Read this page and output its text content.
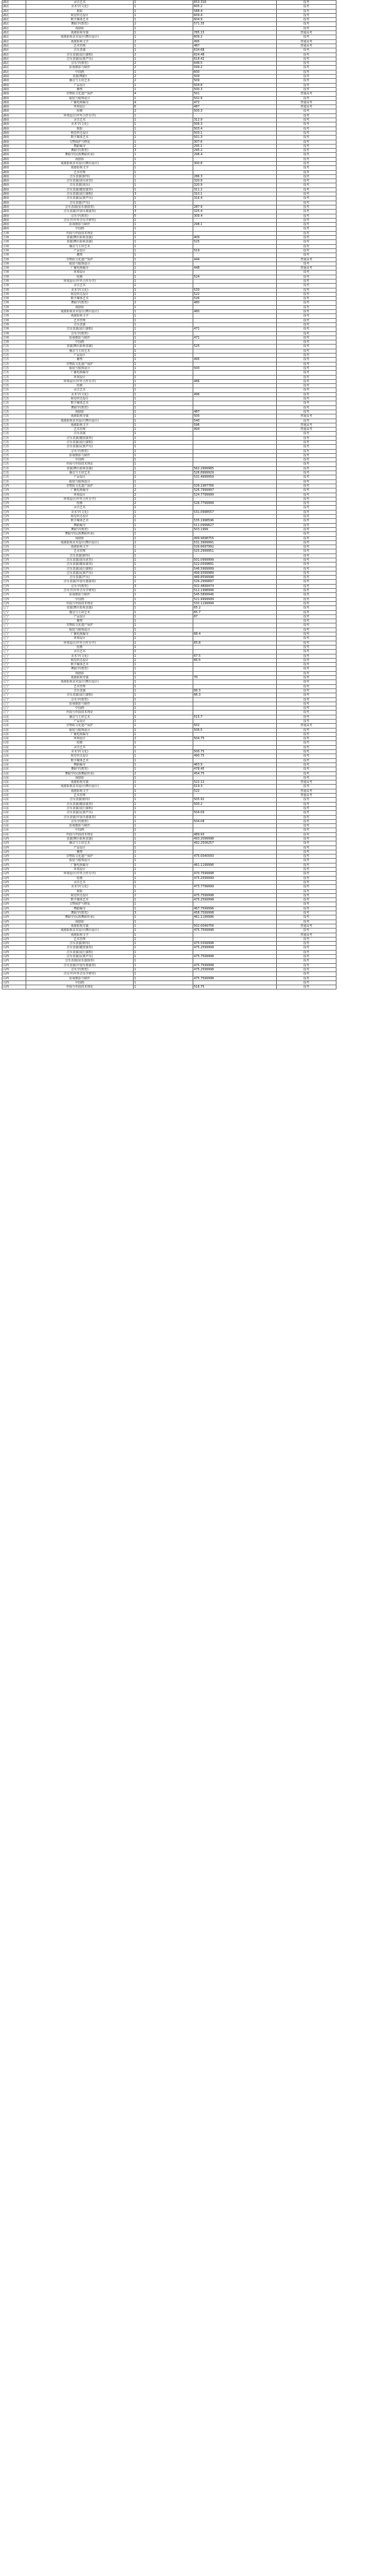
湖北	录音艺术	1	653.316	投考
湖北	美术学(文化)	1	605.2	投考
湖北	摄影	1	588.4	投考
湖北	视觉传达设计	1	609.4	投考
湖北	数字媒体艺术	1	604.9	投考
湖北	舞蹈学(教育)	2	571.35	投考
湖北	戏剧影	1		投考
湖北	戏剧影视导演	1	785.15	普通高考
湖北	戏剧影视美术设计(舞台设计)	1	609.2	投考
湖北	戏剧影视文学	2	495	普通高考
湖北	艺术管理	1	487	普通高考
湖北	音乐表演	1	634.68	投考
湖北	音乐表演(流行演唱)	2	624.48	投考
湖北	音乐表演(民族声乐)	1	618.42	投考
湖北	音乐学(教育)	2	649.5	投考
湖北	影视摄影与制作	2	599.2	投考
湖北	中国画	1	600	投考
湖南	表演(舞蹈)	2	509	投考
湖南	播音与主持艺术	2	509	投考
湖南	产品设计	1	504.8	投考
湖南	雕塑	1	500.3	投考
湖南	非物质文化遗产保护	4	501	普通高考
湖南	服装与服饰设计	1	502.9	投考
湖南	广播电视编导	4	472	普通高考
湖南	环境设计	6	487	普通高考
湖南	绘画	2	500.3	投考
湖南	环境设计(中外合作办学)	1		投考
湖南	录音艺术	1	312.9	投考
湖南	美术学(文化)	1	506.3	投考
湖南	摄影	1	503.4	投考
湖南	视觉传达设计	1	503.1	投考
湖南	数字媒体艺术	1	501.3	投考
湖南	文物保护与修复	1	307.6	投考
湖南	舞蹈编导	2	295.1	投考
湖南	舞蹈学(教育)	3	295.2	投考
湖南	舞蹈学(民族舞蹈传承)	1	298.4	投考
湖南	戏剧影	1		投考
湖南	戏剧影视美术设计(舞台设计)	1	300.8	投考
湖南	戏剧影视文学	1		投考
湖南	艺术管理	1		投考
湖南	音乐表演(钢琴)	1	286.3	投考
湖南	音乐表演(国乐优管)	1	320.9	投考
湖南	音乐表演(国乐)	1	320.9	投考
湖南	音乐表演(键盘演奏)	1	311.2	投考
湖南	音乐表演(流行演唱)	3	310.1	投考
湖南	音乐表演(民族声乐)	1	316.4	投考
湖南	音乐表演(声乐)	1		投考
湖南	音乐表演(弦乐器演奏)	3	287.9	投考
湖南	音乐表演(中国乐器演奏)	3	325.4	投考
湖南	音乐学(教育)	5	309.4	投考
湖南	音乐学(中外音乐学研究)	1		投考
湖南	影视摄影与制作	1	298.1	投考
湖南	中国画	1		投考
吉林	作曲与作曲技术理论	1		投考
吉林	表演(舞台影视表演)	1	409	投考
吉林	表演(舞台影视表演)	1	525	投考
吉林	播音与主持艺术	1		投考
吉林	产品设计	1	519	投考
吉林	雕塑	1		投考
吉林	非物质文化遗产保护	1	444	普通高考
吉林	服装与服饰设计	1		投考
吉林	广播电视编导	1	448	普通高考
吉林	环境设计	1		投考
吉林	绘画	1	524	投考
吉林	环境设计(中外合作办学)	1		投考
吉林	录音艺术	1		投考
吉林	美术学(文化)	1	533	投考
吉林	视觉传达设计	1	522	投考
吉林	数字媒体艺术	1	526	投考
吉林	舞蹈学(教育)	2	480	投考
吉林	戏剧影	1		投考
吉林	戏剧影视美术设计(舞台设计)	1	480	投考
吉林	戏剧影视文学	1		投考
吉林	艺术管理	1		投考
吉林	音乐表演	1		投考
吉林	音乐表演(流行演唱)	1	471	投考
吉林	音乐学(教育)	1		投考
吉林	影视摄影与制作	1	471	投考
吉林	中国画	1		投考
江苏	表演(舞台影视表演)	1	525	投考
江苏	播音与主持艺术	1		投考
江苏	产品设计	1		投考
江苏	雕塑	1	495	投考
江苏	非物质文化遗产保护	1		投考
江苏	服装与服饰设计	1	500	投考
江苏	广播电视编导	1		投考
江苏	环境设计	1		投考
江苏	环境设计(中外合作办学)	1	486	投考
江苏	绘画	1		投考
江苏	录音艺术	1		投考
江苏	美术学(文化)	1	496	投考
江苏	视觉传达设计	1		投考
江苏	数字媒体艺术	1		投考
江苏	舞蹈学(教育)	1		投考
江苏	戏剧影	1	487	投考
江苏	戏剧影视导演	1	500	普通高考
江苏	戏剧影视美术设计(舞台设计)	1	540	投考
江苏	戏剧影视文学	1	596	普通高考
江苏	艺术管理	1	494	普通高考
江苏	音乐表演	1		投考
江苏	音乐表演(键盘演奏)	1		投考
江苏	音乐表演(流行演唱)	1		投考
江苏	音乐表演(民族声乐)	1		投考
江苏	音乐学(教育)	1		投考
江苏	影视摄影与制作	1		投考
江苏	中国画	1		投考
江苏	作曲与作曲技术理论	1		投考
江苏	表演(舞台影视表演)	1	562.2999985	投考
江苏	播音与主持艺术	1	526.8999929	投考
江苏	产品设计	1	531.4999959	投考
江苏	服装与服饰设计	1		投考
江西	非物质文化遗产保护	1	526.1997766	投考
江西	广播电视编导	2	526.7999997	投考
江西	环境设计	2	524.7799999	投考
江西	环境设计(中外合作办学)	1		投考
江西	绘画	2	526.7799999	投考
江西	录音艺术	1		投考
江西	美术学(文化)	1	531.0998557	投考
江西	视觉传达设计	1		投考
江西	数字媒体艺术	1	535.1998596	投考
江西	舞蹈编导	1	511.0999627	投考
江西	舞蹈学(教育)	1	503.1999	投考
江西	舞蹈学(民族舞蹈传承)	1		投考
江西	戏剧影	1	499.9698755	投考
江西	戏剧影视美术设计(舞台设计)	2	531.3999991	投考
江西	戏剧影视文学	1	526.6697992	投考
江西	艺术管理	1	525.2999951	投考
江西	音乐表演(钢琴)	1		投考
江西	音乐表演(国乐优管)	1	501.0999999	投考
江西	音乐表演(键盘演奏)	1	522.0599891	投考
江西	音乐表演(流行演唱)	1	546.5999999	投考
江西	音乐表演(民族声乐)	1	499.9399989	投考
江西	音乐表演(声乐)	1	489.8599998	投考
江西	音乐表演(中国乐器演奏)	1	526.2999897	投考
江西	音乐学(教育)	3	502.4899474	投考
江西	音乐学(中外音乐学研究)	1	512.1998996	投考
江西	影视摄影与制作	1	545.5899946	投考
江西	中国画	1	521.9999999	投考
江西	作曲与作曲技术理论	1	532.1199999	投考
辽宁	表演(舞台影视表演)	1	65.2	投考
辽宁	播音与主持艺术	1	65.7	投考
辽宁	产品设计	1	67	投考
辽宁	雕塑	1		投考
辽宁	非物质文化遗产保护	1		投考
辽宁	服装与服饰设计	1		投考
辽宁	广播电视编导	1	68.4	投考
辽宁	环境设计	1		投考
辽宁	环境设计(中外合作办学)	1	65.8	投考
辽宁	绘画	1		投考
辽宁	录音艺术	1		投考
辽宁	美术学(文化)	1	67.5	投考
辽宁	视觉传达设计	1	66.5	投考
辽宁	数字媒体艺术	1		投考
辽宁	舞蹈学(教育)	1		投考
辽宁	戏剧影	1		投考
辽宁	戏剧影视导演	1	70	投考
辽宁	戏剧影视美术设计(舞台设计)	1		投考
辽宁	艺术管理	1		投考
辽宁	音乐表演	1	66.3	投考
辽宁	音乐表演(流行演唱)	1	66.3	投考
辽宁	音乐学(教育)	1		投考
辽宁	影视摄影与制作	1		投考
辽宁	中国画	1		投考
辽宁	作曲与作曲技术理论	1		投考
山东	播音与主持艺术	1	515.7	投考
山东	产品设计	1		投考
山东	非物质文化遗产保护	1	502	普通高考
山东	服装与服饰设计	1	506.5	投考
山东	广播电视编导	1		投考
山东	环境设计	2	504.75	投考
山东	绘画	1		投考
山东	录音艺术	1		投考
山东	美术学(文化)	1	500.75	投考
山东	视觉传达设计	1	490.75	投考
山东	数字媒体艺术	1		投考
山东	舞蹈编导	1	463.9	投考
山东	舞蹈学(教育)	1	478.45	投考
山东	舞蹈学(民族舞蹈传承)	2	454.75	投考
山东	戏剧影	1		投考
山东	戏剧影视导演	1	522.12	普通高考
山东	戏剧影视美术设计(舞台设计)	1	519.3	投考
山东	戏剧影视文学	1	522	普通高考
山东	艺术管理	1		普通高考
山东	音乐表演(钢琴)	1	505.92	投考
山东	音乐表演(键盘演奏)	1	500.2	投考
山东	音乐表演(流行演唱)	1		投考
山东	音乐表演(民族声乐)	1	504.09	投考
山东	音乐表演(中国乐器演奏)	1		投考
山东	音乐学(教育)	1	504.08	投考
山东	影视摄影与制作	1		投考
山东	中国画	1		投考
山东	作曲与作曲技术理论	1	489.93	投考
山西	表演(舞台影视表演)	1	493.2099998	投考
山西	播音与主持艺术	1	492.2506257	投考
山西	产品设计	1		投考
山西	雕塑	1		投考
山西	非物质文化遗产保护	1	475.0040093	投考
山西	服装与服饰设计	1		投考
山西	广播电视编导	1	461.1199996	投考
山西	环境设计	1		投考
山西	环境设计(中外合作办学)	1	470.7599998	投考
山西	绘画	1	475.2599999	投考
山西	录音艺术	1		投考
山西	美术学(文化)	1	473.7799999	投考
山西	摄影	1		投考
山西	视觉传达设计	2	475.7599998	投考
山西	数字媒体艺术	1	475.2599998	投考
山西	文物保护与修复	1		投考
山西	舞蹈编导	1	467.7599996	投考
山西	舞蹈学(教育)	3	458.7599998	投考
山西	舞蹈学(民族舞蹈传承)	1	461.1199996	投考
山西	戏剧影	1		投考
山西	戏剧影视导演	1	502.0049756	普通高考
山西	戏剧影视美术设计(舞台设计)	1	475.7599998	投考
山西	戏剧影视文学	1		普通高考
山西	艺术管理	1		投考
山西	音乐表演(钢琴)	1	475.5599998	投考
山西	音乐表演(键盘演奏)	1	475.2599999	投考
山西	音乐表演(流行演唱)	1		投考
山西	音乐表演(民族声乐)	1	475.7599998	投考
山西	音乐表演(弦乐器演奏)	1		投考
山西	音乐表演(中国乐器演奏)	1	475.7599998	投考
山西	音乐学(教育)	1	475.2599998	投考
山西	音乐学(中外音乐学研究)	1		投考
山西	影视摄影与制作	1	475.7599998	投考
山西	中国画	1		投考
山西	作曲与作曲技术理论	1	516.75	投考
